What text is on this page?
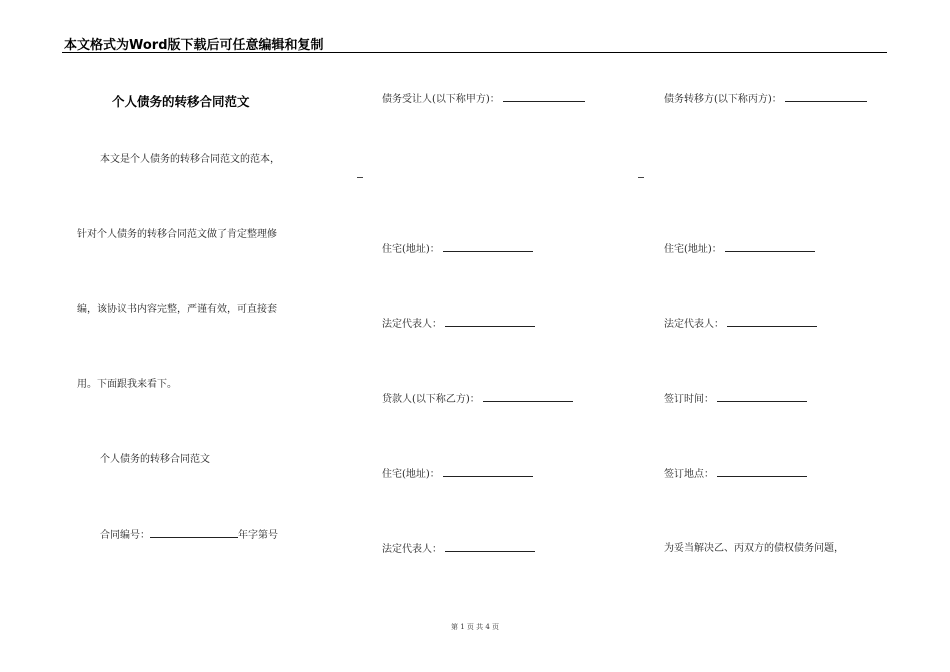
本文格式为Word版下载后可任意编辑和复制
个人债务的转移合同范文
本文是个人债务的转移合同范文的范本，
针对个人债务的转移合同范文做了肯定整理修
编，该协议书内容完整，严谨有效，可直接套
用。下面跟我来看下。
个人债务的转移合同范文
合同编号：	年字第号
债务受让人(以下称甲方)：
住宅(地址)：
法定代表人：
贷款人(以下称乙方)：
住宅(地址)：
法定代表人：
债务转移方(以下称丙方)：
住宅(地址)：
法定代表人：
签订时间：
签订地点：
为妥当解决乙、丙双方的债权债务问题，
第 1 页 共 4 页
